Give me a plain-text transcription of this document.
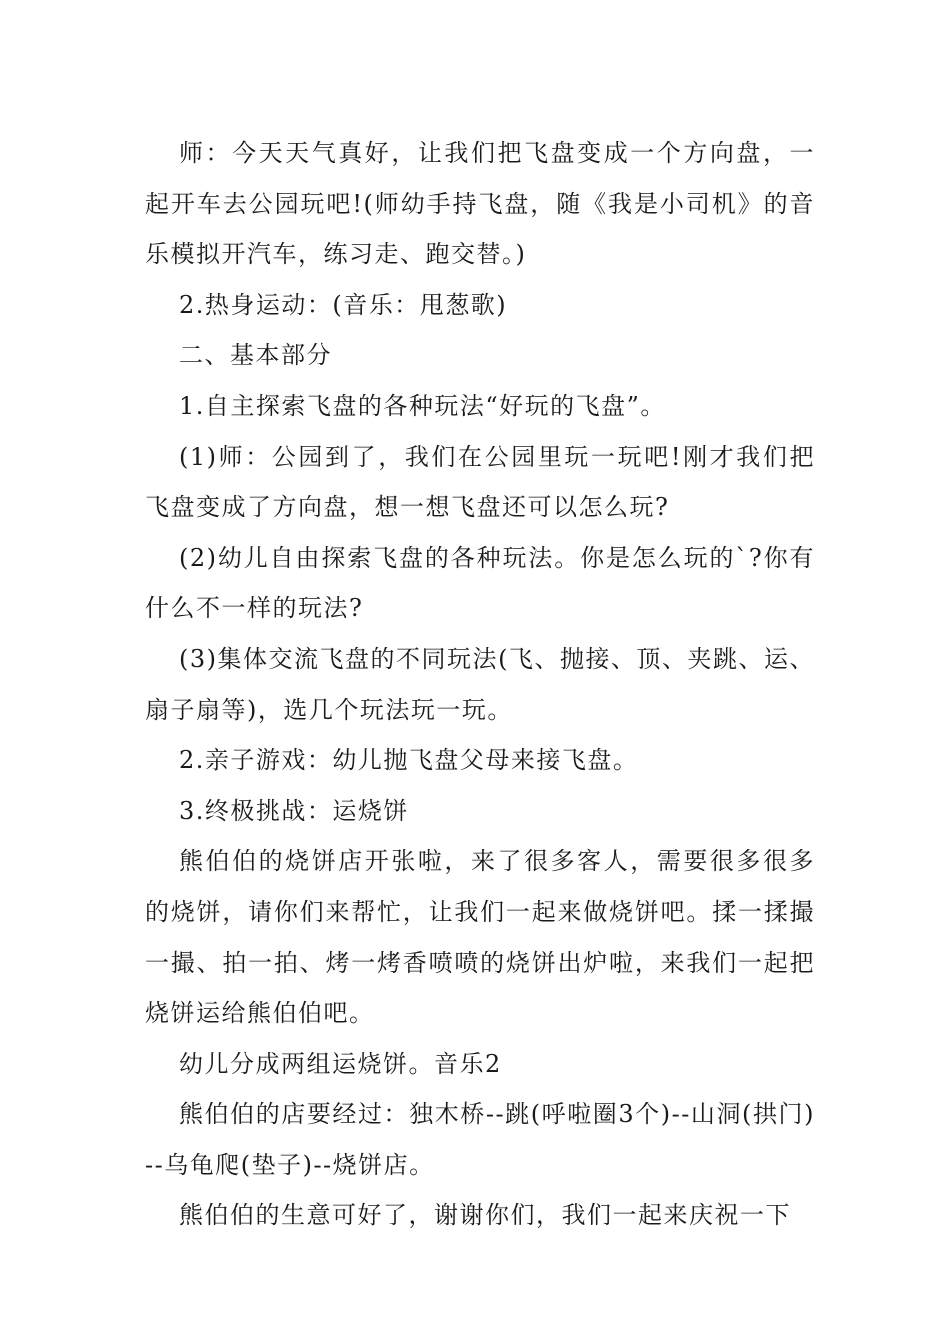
师：今天天气真好，让我们把飞盘变成一个方向盘，一起开车去公园玩吧!(师幼手持飞盘，随《我是小司机》的音乐模拟开汽车，练习走、跑交替。)

2.热身运动：(音乐：甩葱歌)

二、基本部分

1.自主探索飞盘的各种玩法“好玩的飞盘”。

(1)师：公园到了，我们在公园里玩一玩吧!刚才我们把飞盘变成了方向盘，想一想飞盘还可以怎么玩?

(2)幼儿自由探索飞盘的各种玩法。你是怎么玩的`?你有什么不一样的玩法?

(3)集体交流飞盘的不同玩法(飞、抛接、顶、夹跳、运、扇子扇等)，选几个玩法玩一玩。

2.亲子游戏：幼儿抛飞盘父母来接飞盘。

3.终极挑战：运烧饼

熊伯伯的烧饼店开张啦，来了很多客人，需要很多很多的烧饼，请你们来帮忙，让我们一起来做烧饼吧。揉一揉撮一撮、拍一拍、烤一烤香喷喷的烧饼出炉啦，来我们一起把烧饼运给熊伯伯吧。

幼儿分成两组运烧饼。音乐2

熊伯伯的店要经过：独木桥--跳(呼啦圈3个)--山洞(拱门)--乌龟爬(垫子)--烧饼店。

熊伯伯的生意可好了，谢谢你们，我们一起来庆祝一下
